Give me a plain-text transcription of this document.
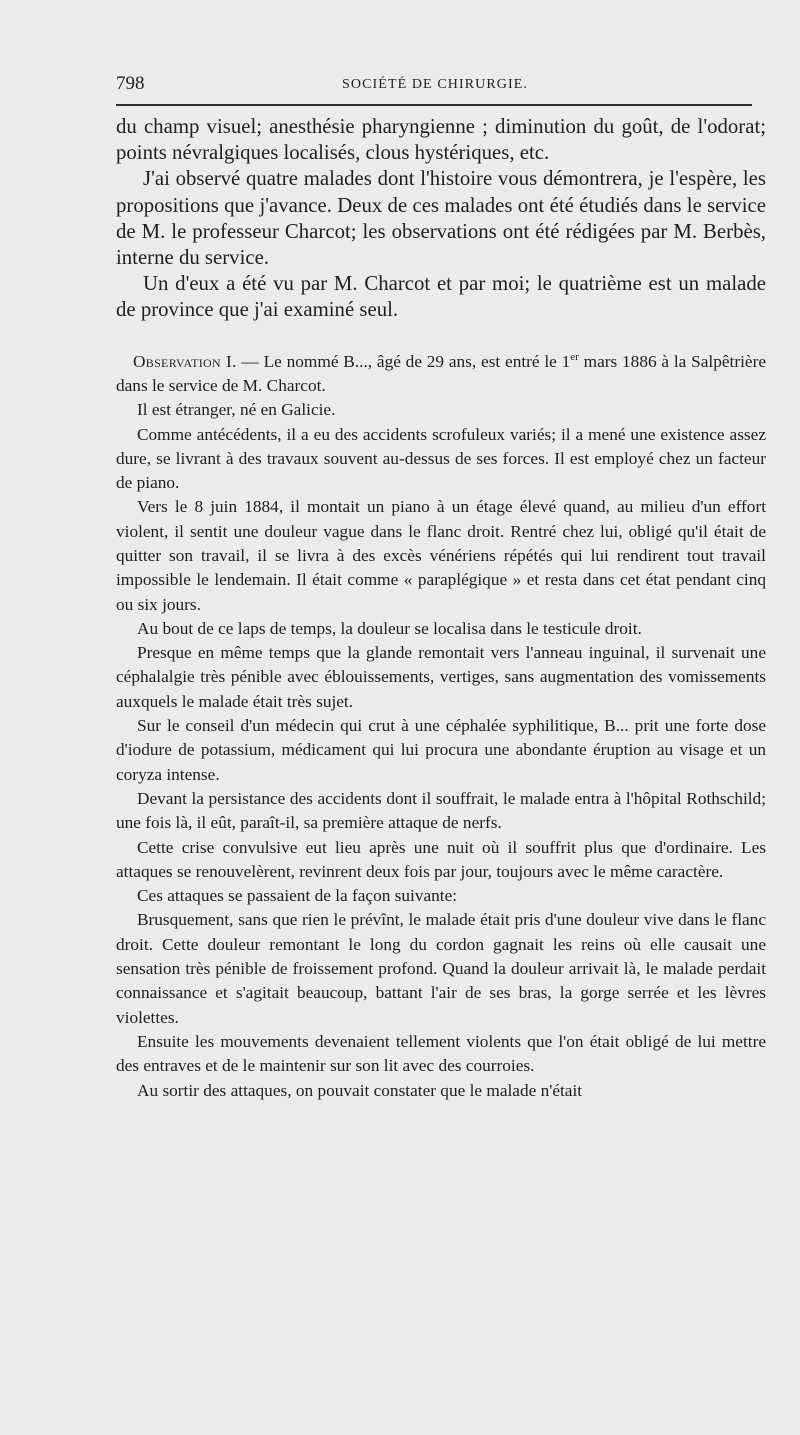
798	SOCIÉTÉ DE CHIRURGIE.

du champ visuel; anesthésie pharyngienne ; diminution du goût, de l'odorat; points névralgiques localisés, clous hystériques, etc.

J'ai observé quatre malades dont l'histoire vous démontrera, je l'espère, les propositions que j'avance. Deux de ces malades ont été étudiés dans le service de M. le professeur Charcot; les observations ont été rédigées par M. Berbès, interne du service.

Un d'eux a été vu par M. Charcot et par moi; le quatrième est un malade de province que j'ai examiné seul.

Observation I. — Le nommé B..., âgé de 29 ans, est entré le 1er mars 1886 à la Salpêtrière dans le service de M. Charcot.

Il est étranger, né en Galicie.

Comme antécédents, il a eu des accidents scrofuleux variés; il a mené une existence assez dure, se livrant à des travaux souvent au-dessus de ses forces. Il est employé chez un facteur de piano.

Vers le 8 juin 1884, il montait un piano à un étage élevé quand, au milieu d'un effort violent, il sentit une douleur vague dans le flanc droit. Rentré chez lui, obligé qu'il était de quitter son travail, il se livra à des excès vénériens répétés qui lui rendirent tout travail impossible le lendemain. Il était comme « paraplégique » et resta dans cet état pendant cinq ou six jours.

Au bout de ce laps de temps, la douleur se localisa dans le testicule droit.

Presque en même temps que la glande remontait vers l'anneau inguinal, il survenait une céphalalgie très pénible avec éblouissements, vertiges, sans augmentation des vomissements auxquels le malade était très sujet.

Sur le conseil d'un médecin qui crut à une céphalée syphilitique, B... prit une forte dose d'iodure de potassium, médicament qui lui procura une abondante éruption au visage et un coryza intense.

Devant la persistance des accidents dont il souffrait, le malade entra à l'hôpital Rothschild; une fois là, il eût, paraît-il, sa première attaque de nerfs.

Cette crise convulsive eut lieu après une nuit où il souffrit plus que d'ordinaire. Les attaques se renouvelèrent, revinrent deux fois par jour, toujours avec le même caractère.

Ces attaques se passaient de la façon suivante:

Brusquement, sans que rien le prévînt, le malade était pris d'une douleur vive dans le flanc droit. Cette douleur remontant le long du cordon gagnait les reins où elle causait une sensation très pénible de froissement profond. Quand la douleur arrivait là, le malade perdait connaissance et s'agitait beaucoup, battant l'air de ses bras, la gorge serrée et les lèvres violettes.

Ensuite les mouvements devenaient tellement violents que l'on était obligé de lui mettre des entraves et de le maintenir sur son lit avec des courroies.

Au sortir des attaques, on pouvait constater que le malade n'était
